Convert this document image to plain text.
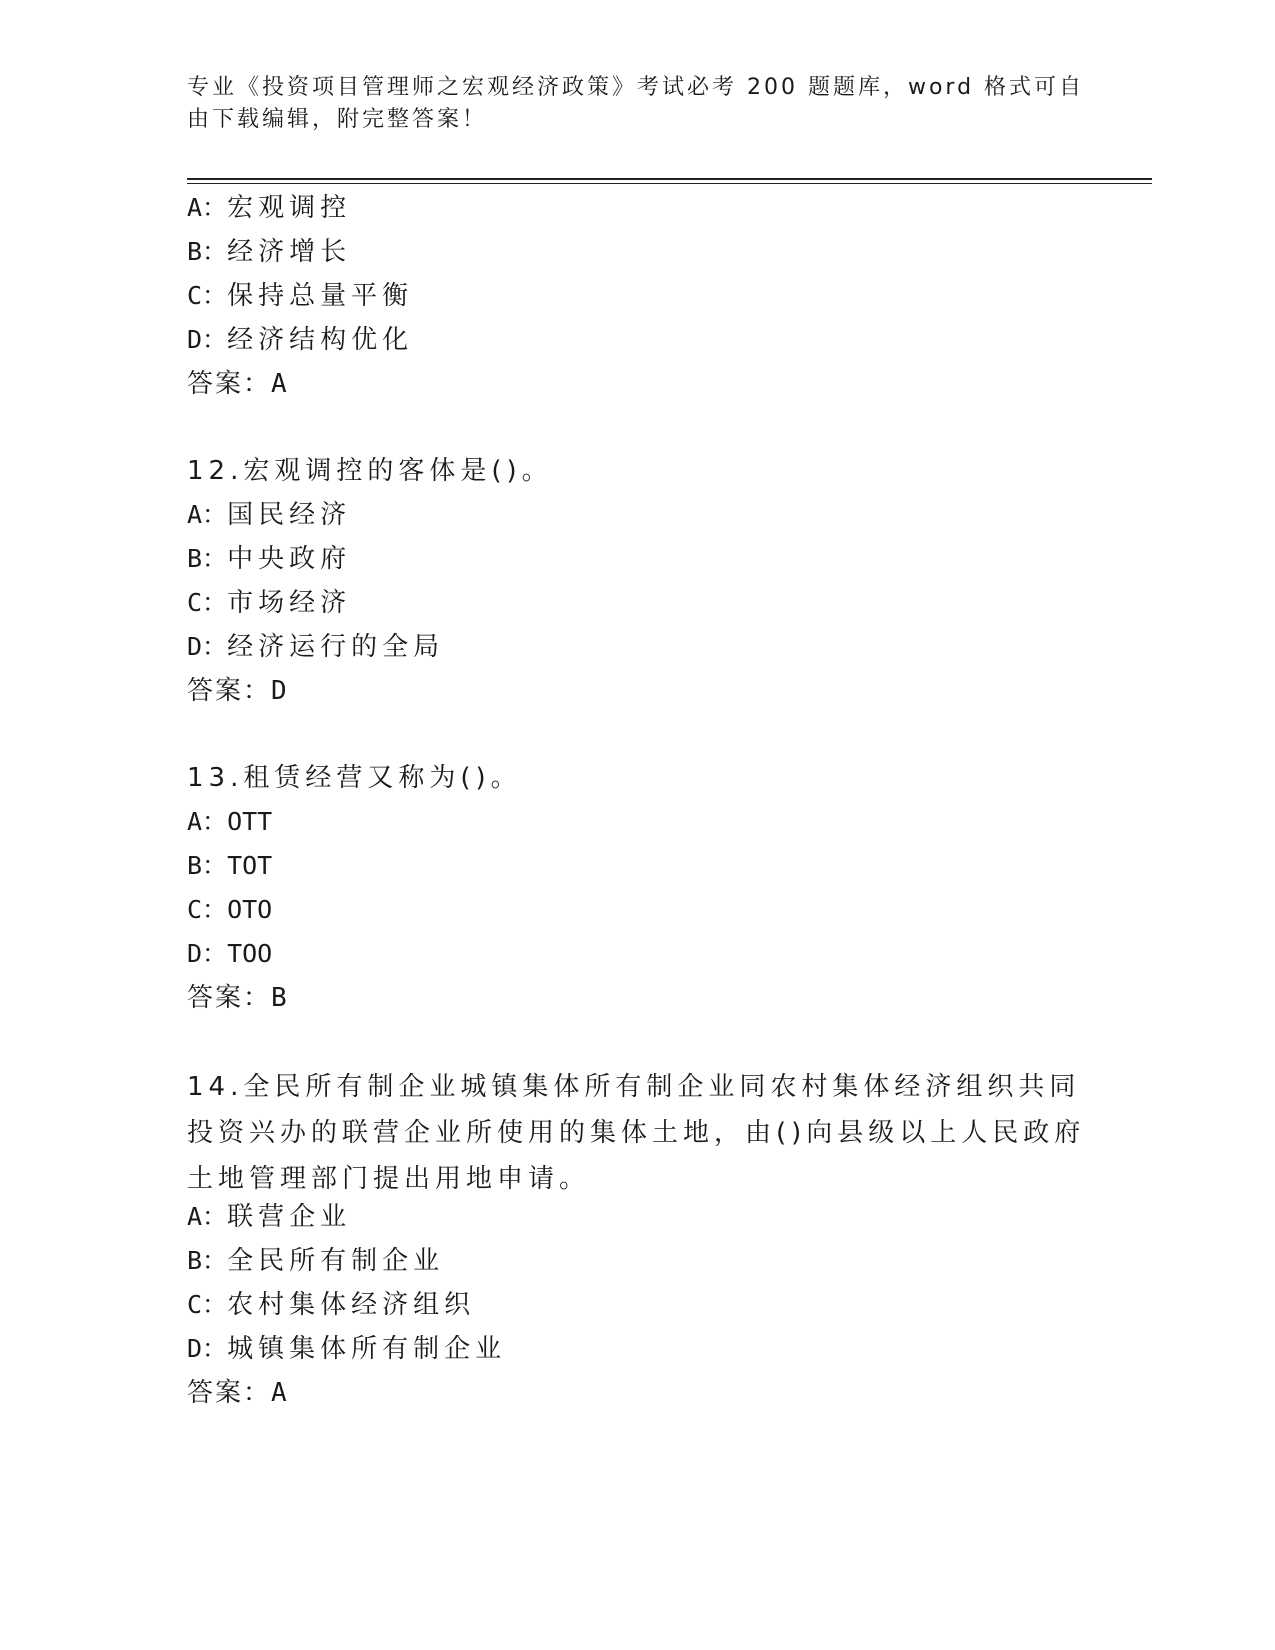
专业《投资项目管理师之宏观经济政策》考试必考 200 题题库，word 格式可自由下载编辑，附完整答案！
A：宏观调控
B：经济增长
C：保持总量平衡
D：经济结构优化
答案：A
12.宏观调控的客体是()。
A：国民经济
B：中央政府
C：市场经济
D：经济运行的全局
答案：D
13.租赁经营又称为()。
A：OTT
B：TOT
C：OTO
D：TOO
答案：B
14.全民所有制企业城镇集体所有制企业同农村集体经济组织共同投资兴办的联营企业所使用的集体土地，由()向县级以上人民政府土地管理部门提出用地申请。
A：联营企业
B：全民所有制企业
C：农村集体经济组织
D：城镇集体所有制企业
答案：A
